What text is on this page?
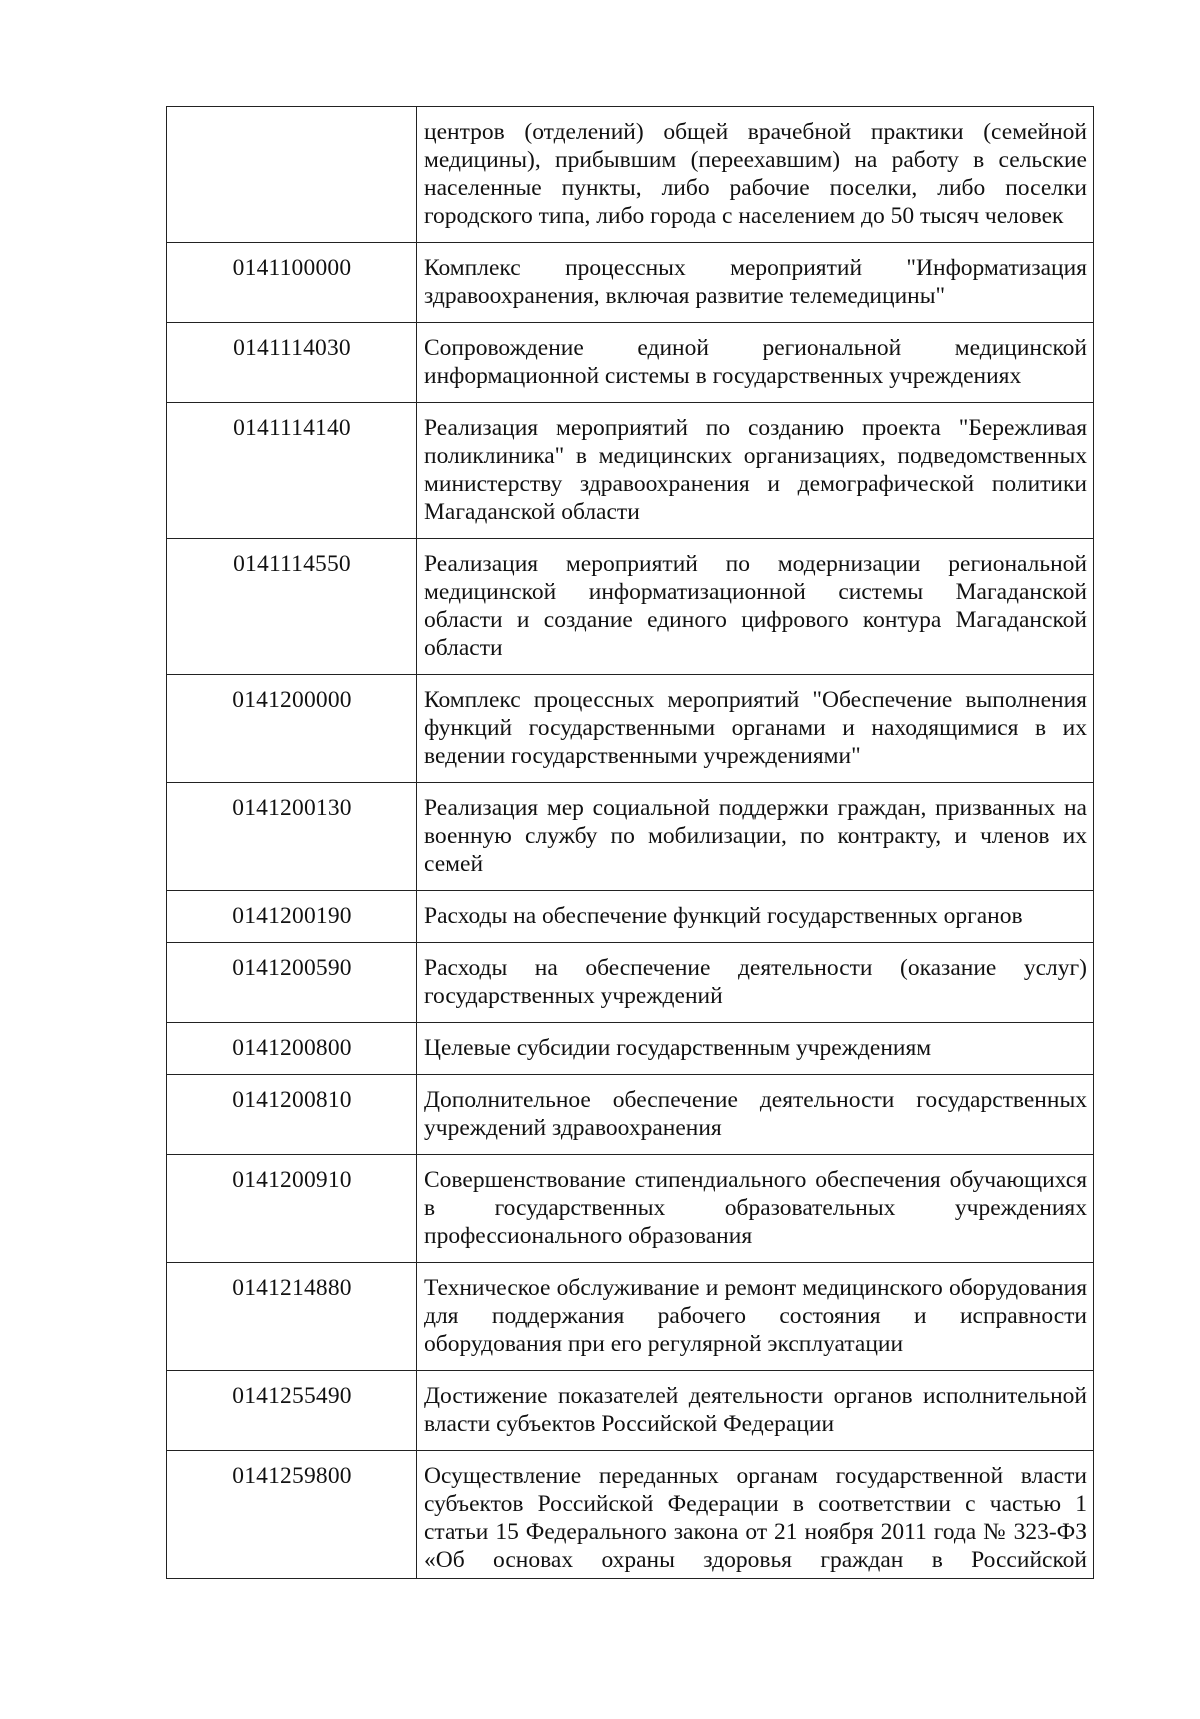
	центров (отделений) общей врачебной практики (семейной медицины), прибывшим (переехавшим) на работу в сельские населенные пункты, либо рабочие поселки, либо поселки городского типа, либо города с населением до 50 тысяч человек
0141100000	Комплекс процессных мероприятий "Информатизация здравоохранения, включая развитие телемедицины"
0141114030	Сопровождение единой региональной медицинской информационной системы в государственных учреждениях
0141114140	Реализация мероприятий по созданию проекта "Бережливая поликлиника" в медицинских организациях, подведомственных министерству здравоохранения и демографической политики Магаданской области
0141114550	Реализация мероприятий по модернизации региональной медицинской информатизационной системы Магаданской области и создание единого цифрового контура Магаданской области
0141200000	Комплекс процессных мероприятий "Обеспечение выполнения функций государственными органами и находящимися в их ведении государственными учреждениями"
0141200130	Реализация мер социальной поддержки граждан, призванных на военную службу по мобилизации, по контракту, и членов их семей
0141200190	Расходы на обеспечение функций государственных органов
0141200590	Расходы на обеспечение деятельности (оказание услуг) государственных учреждений
0141200800	Целевые субсидии государственным учреждениям
0141200810	Дополнительное обеспечение деятельности государственных учреждений здравоохранения
0141200910	Совершенствование стипендиального обеспечения обучающихся в государственных образовательных учреждениях профессионального образования
0141214880	Техническое обслуживание и ремонт медицинского оборудования для поддержания рабочего состояния и исправности оборудования при его регулярной эксплуатации
0141255490	Достижение показателей деятельности органов исполнительной власти субъектов Российской Федерации
0141259800	Осуществление переданных органам государственной власти субъектов Российской Федерации в соответствии с частью 1 статьи 15 Федерального закона от 21 ноября 2011 года № 323-ФЗ «Об основах охраны здоровья граждан в Российской
